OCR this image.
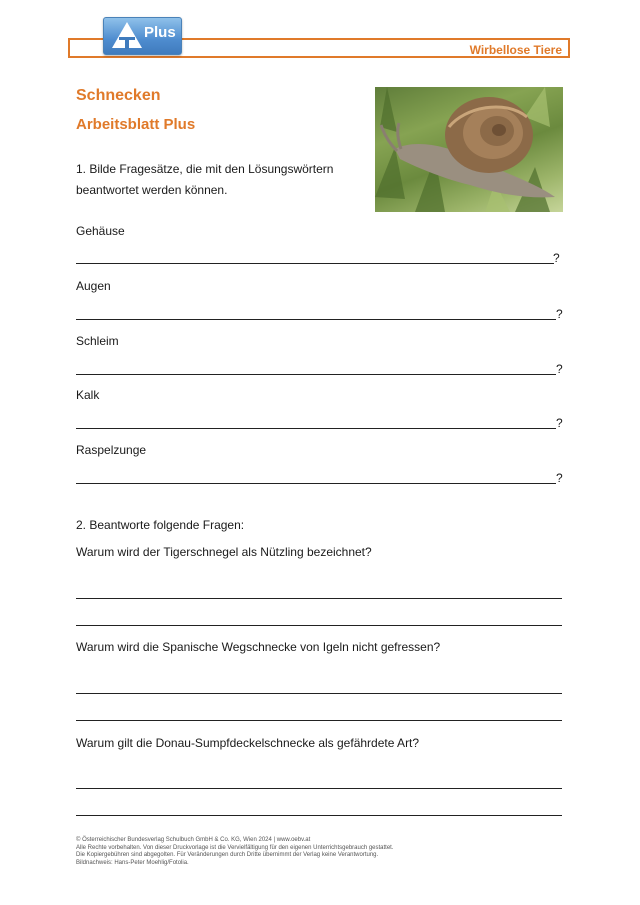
Wirbellose Tiere
Plus
Schnecken
Arbeitsblatt Plus
1. Bilde Fragesätze, die mit den Lösungswörtern
beantwortet werden können.
Gehäuse
?
Augen
?
Schleim
?
Kalk
?
Raspelzunge
?
2. Beantworte folgende Fragen:
Warum wird der Tigerschnegel als Nützling bezeichnet?
Warum wird die Spanische Wegschnecke von Igeln nicht gefressen?
Warum gilt die Donau-Sumpfdeckelschnecke als gefährdete Art?
© Österreichischer Bundesverlag Schulbuch GmbH & Co. KG, Wien 2024 | www.oebv.at
Alle Rechte vorbehalten. Von dieser Druckvorlage ist die Vervielfältigung für den eigenen Unterrichtsgebrauch gestattet.
Die Kopiergebühren sind abgegolten. Für Veränderungen durch Dritte übernimmt der Verlag keine Verantwortung.
Bildnachweis: Hans-Peter Moehlig/Fotolia.
